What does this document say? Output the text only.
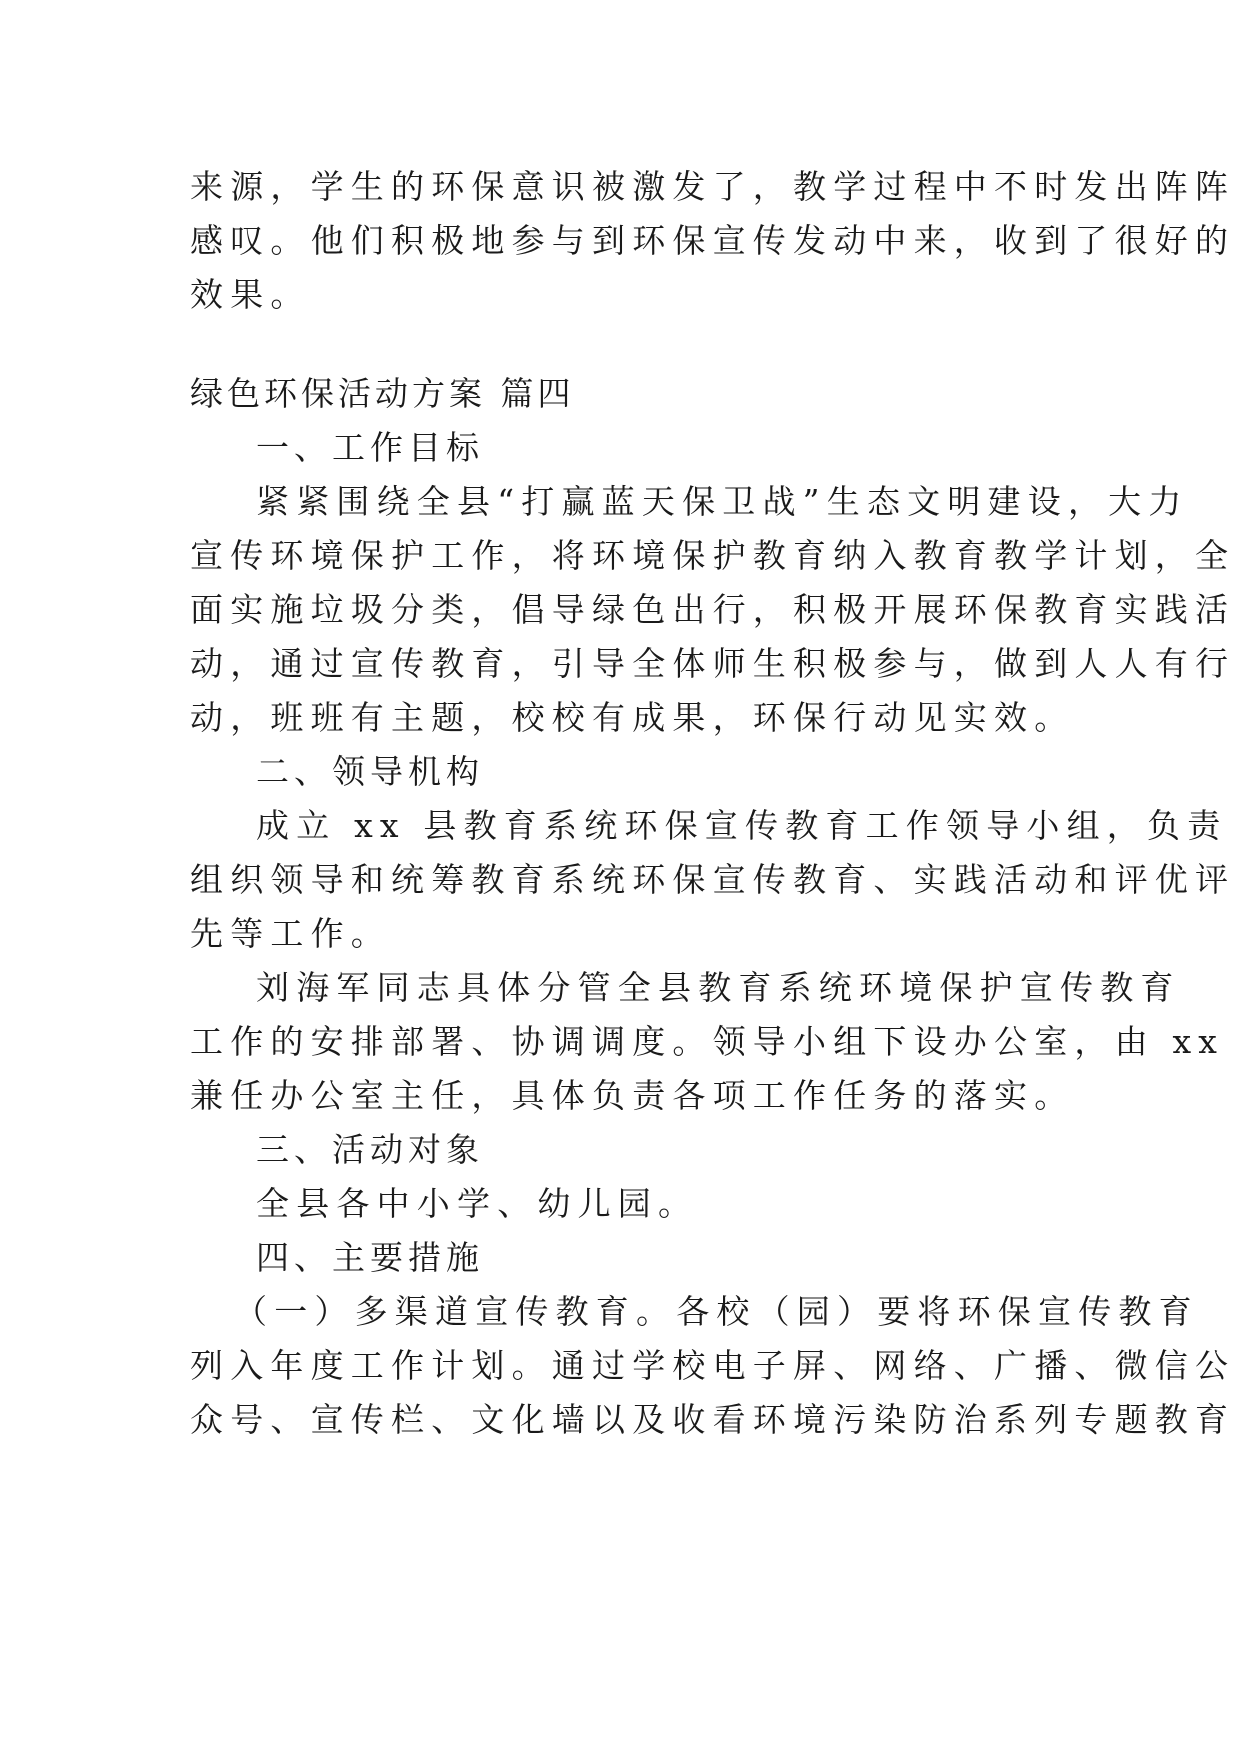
来源，学生的环保意识被激发了，教学过程中不时发出阵阵

感叹。他们积极地参与到环保宣传发动中来，收到了很好的

效果。

绿色环保活动方案 篇四

一、工作目标

紧紧围绕全县“打赢蓝天保卫战”生态文明建设，大力

宣传环境保护工作，将环境保护教育纳入教育教学计划，全

面实施垃圾分类，倡导绿色出行，积极开展环保教育实践活

动，通过宣传教育，引导全体师生积极参与，做到人人有行

动，班班有主题，校校有成果，环保行动见实效。

二、领导机构

成立 xx 县教育系统环保宣传教育工作领导小组，负责

组织领导和统筹教育系统环保宣传教育、实践活动和评优评

先等工作。

刘海军同志具体分管全县教育系统环境保护宣传教育

工作的安排部署、协调调度。领导小组下设办公室，由 xx

兼任办公室主任，具体负责各项工作任务的落实。

三、活动对象

全县各中小学、幼儿园。

四、主要措施

（一）多渠道宣传教育。各校（园）要将环保宣传教育

列入年度工作计划。通过学校电子屏、网络、广播、微信公

众号、宣传栏、文化墙以及收看环境污染防治系列专题教育
